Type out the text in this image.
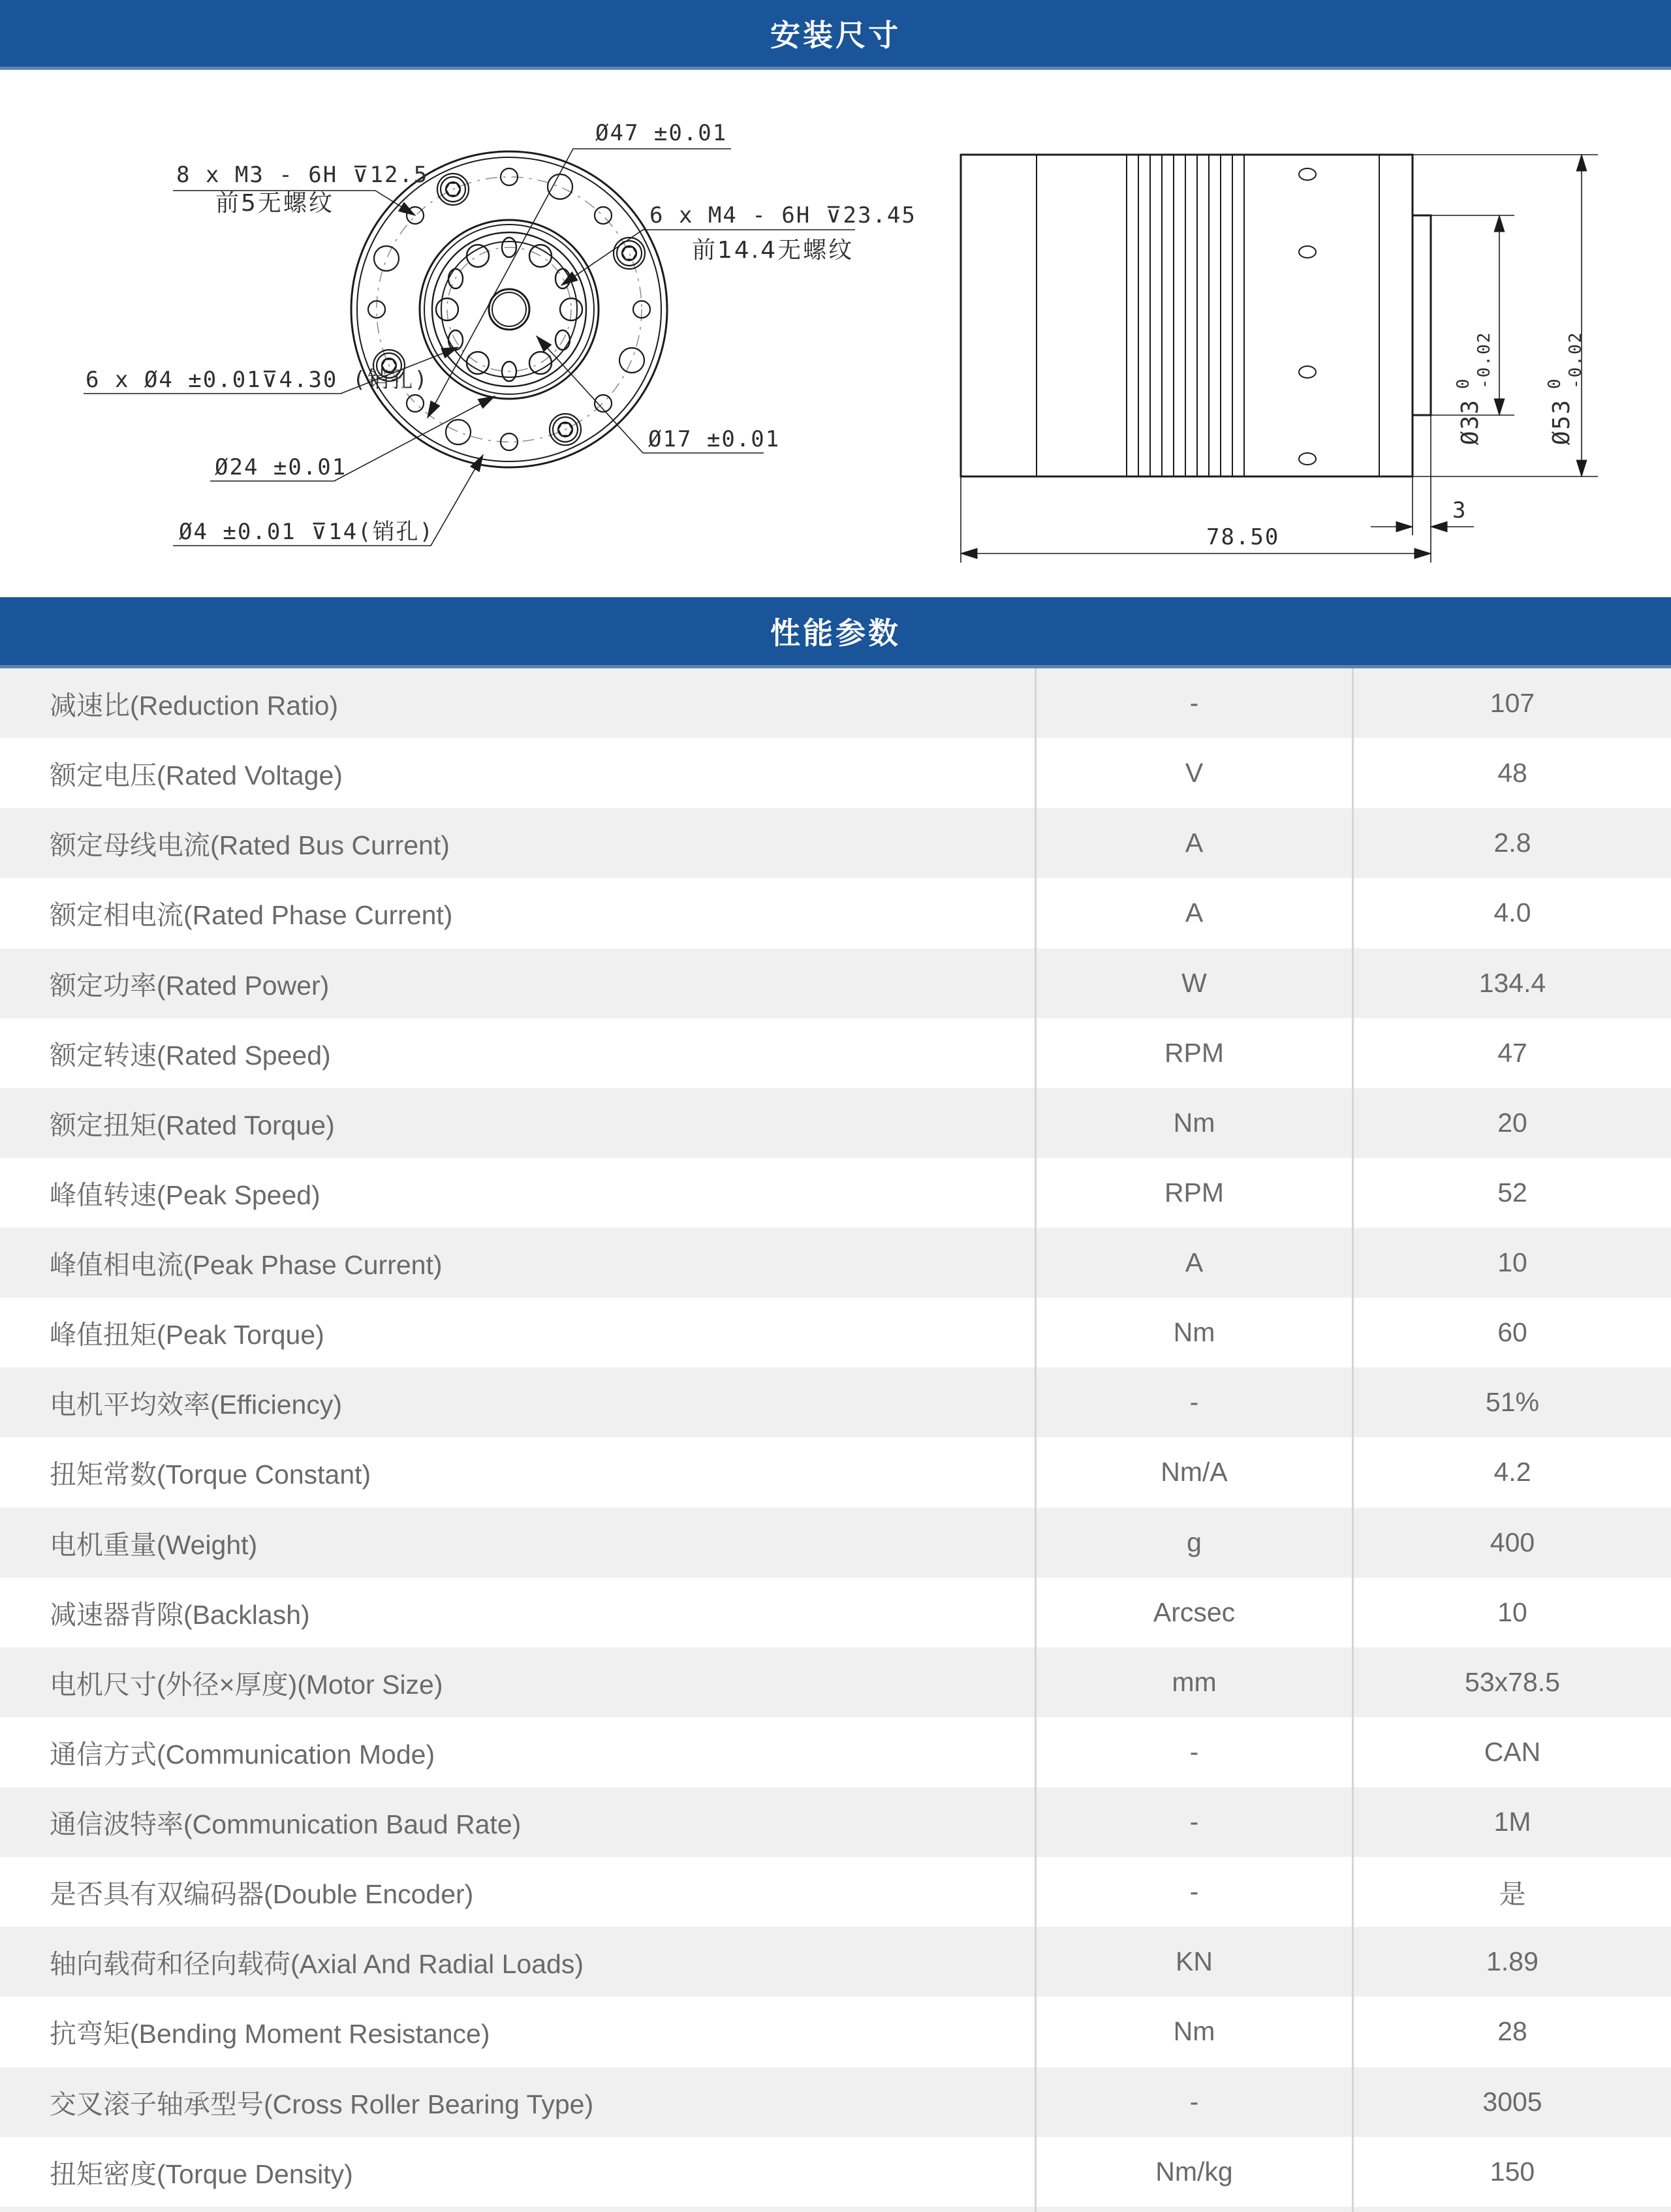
安装尺寸
8 x M3 - 6H ⊽12.5
前5无螺纹
Ø47 ±0.01
6 x M4 - 6H ⊽23.45
前14.4无螺纹
6 x Ø4 ±0.01⊽4.30 (销孔)
Ø24 ±0.01
Ø17 ±0.01
Ø4 ±0.01 ⊽14(销孔)
Ø33
0 -0.02
Ø53
0 -0.02
3
78.50
性能参数
减速比(Reduction Ratio)	-	107
额定电压(Rated Voltage)	V	48
额定母线电流(Rated Bus Current)	A	2.8
额定相电流(Rated Phase Current)	A	4.0
额定功率(Rated Power)	W	134.4
额定转速(Rated Speed)	RPM	47
额定扭矩(Rated Torque)	Nm	20
峰值转速(Peak Speed)	RPM	52
峰值相电流(Peak Phase Current)	A	10
峰值扭矩(Peak Torque)	Nm	60
电机平均效率(Efficiency)	-	51%
扭矩常数(Torque Constant)	Nm/A	4.2
电机重量(Weight)	g	400
减速器背隙(Backlash)	Arcsec	10
电机尺寸(外径×厚度)(Motor Size)	mm	53x78.5
通信方式(Communication Mode)	-	CAN
通信波特率(Communication Baud Rate)	-	1M
是否具有双编码器(Double Encoder)	-	是
轴向载荷和径向载荷(Axial And Radial Loads)	KN	1.89
抗弯矩(Bending Moment Resistance)	Nm	28
交叉滚子轴承型号(Cross Roller Bearing Type)	-	3005
扭矩密度(Torque Density)	Nm/kg	150
